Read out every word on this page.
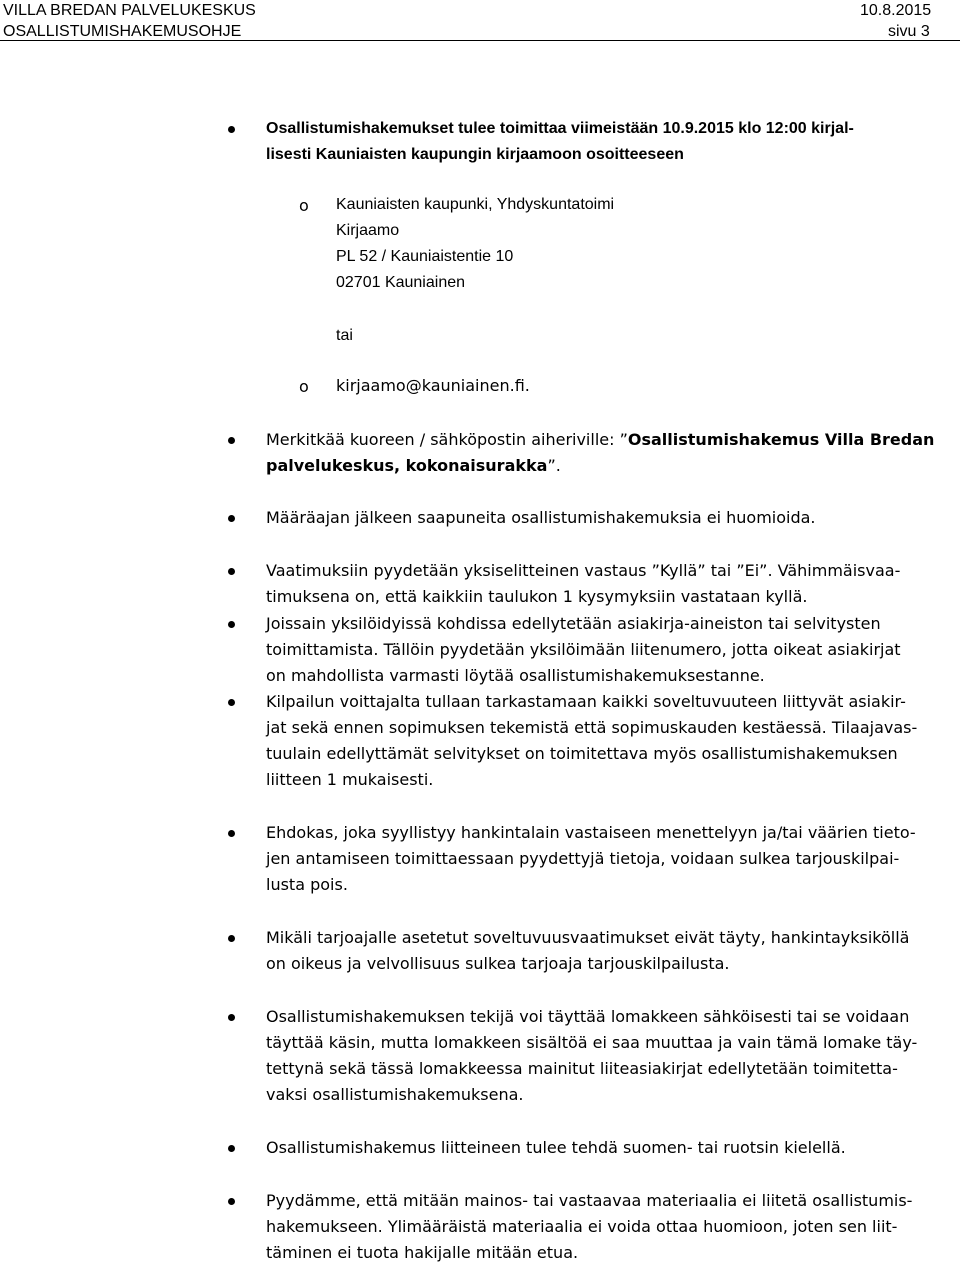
VILLA BREDAN PALVELUKESKUS
OSALLISTUMISHAKEMUSOHJE
10.8.2015
sivu 3
Osallistumishakemukset tulee toimittaa viimeistään 10.9.2015 klo 12:00 kirjal-
lisesti Kauniaisten kaupungin kirjaamoon osoitteeseen
o Kauniaisten kaupunki, Yhdyskuntatoimi
Kirjaamo
PL 52 / Kauniaistentie 10
02701 Kauniainen
tai
o kirjaamo@kauniainen.fi.
Merkitkää kuoreen / sähköpostin aiheriville: ”Osallistumishakemus Villa Bredan
palvelukeskus, kokonaisurakka”.
Määräajan jälkeen saapuneita osallistumishakemuksia ei huomioida.
Vaatimuksiin pyydetään yksiselitteinen vastaus ”Kyllä” tai ”Ei”. Vähimmäisvaa-
timuksena on, että kaikkiin taulukon 1 kysymyksiin vastataan kyllä.
Joissain yksilöidyissä kohdissa edellytetään asiakirja-aineiston tai selvitysten
toimittamista. Tällöin pyydetään yksilöimään liitenumero, jotta oikeat asiakirjat
on mahdollista varmasti löytää osallistumishakemuksestanne.
Kilpailun voittajalta tullaan tarkastamaan kaikki soveltuvuuteen liittyvät asiakir-
jat sekä ennen sopimuksen tekemistä että sopimuskauden kestäessä. Tilaajavas-
tuulain edellyttämät selvitykset on toimitettava myös osallistumishakemuksen
liitteen 1 mukaisesti.
Ehdokas, joka syyllistyy hankintalain vastaiseen menettelyyn ja/tai väärien tieto-
jen antamiseen toimittaessaan pyydettyjä tietoja, voidaan sulkea tarjouskilpai-
lusta pois.
Mikäli tarjoajalle asetetut soveltuvuusvaatimukset eivät täyty, hankintayksiköllä
on oikeus ja velvollisuus sulkea tarjoaja tarjouskilpailusta.
Osallistumishakemuksen tekijä voi täyttää lomakkeen sähköisesti tai se voidaan
täyttää käsin, mutta lomakkeen sisältöä ei saa muuttaa ja vain tämä lomake täy-
tettynä sekä tässä lomakkeessa mainitut liiteasiakirjat edellytetään toimitetta-
vaksi osallistumishakemuksena.
Osallistumishakemus liitteineen tulee tehdä suomen- tai ruotsin kielellä.
Pyydämme, että mitään mainos- tai vastaavaa materiaalia ei liitetä osallistumis-
hakemukseen. Ylimääräistä materiaalia ei voida ottaa huomioon, joten sen liit-
täminen ei tuota hakijalle mitään etua.
